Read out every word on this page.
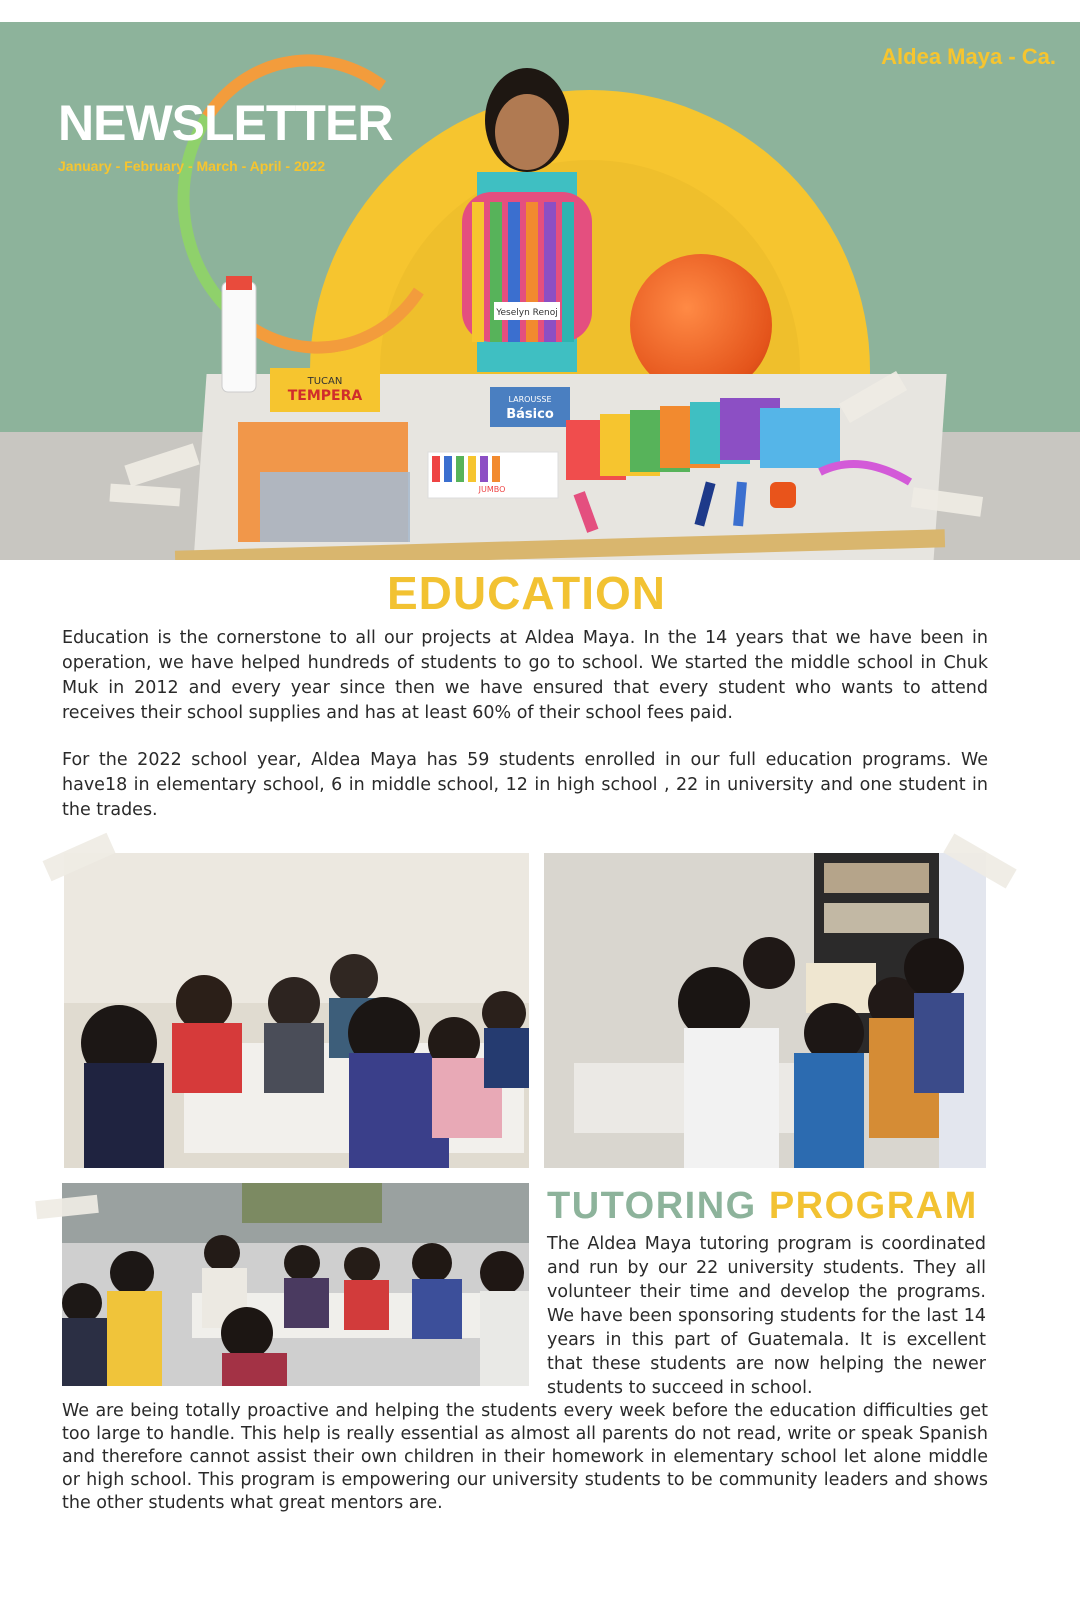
Yeselyn Renoj
TUCAN
TEMPERA	LAROUSSE
Básico
JUMBO
Aldea Maya - Ca.
NEWSLETTER
January - February - March - April - 2022
EDUCATION

Education is the cornerstone to all our projects at Aldea Maya. In the 14 years that we have been in operation, we have helped hundreds of students to go to school. We started the middle school in Chuk Muk in 2012 and every year since then we have ensured that every student who wants to attend receives their school supplies and has at least 60% of their school fees paid.

For the 2022 school year, Aldea Maya has 59 students enrolled in our full education programs. We have18 in elementary school, 6 in middle school, 12 in high school , 22 in university and one student in the trades.

TUTORING PROGRAM

The Aldea Maya tutoring program is coordinated and run by our 22 university students. They all volunteer their time and develop the programs. We have been sponsoring students for the last 14 years in this part of Guatemala. It is excellent that these students are now helping the newer students to succeed in school.

We are being totally proactive and helping the students every week before the education difficulties get too large to handle. This help is really essential as almost all parents do not read, write or speak Spanish and therefore cannot assist their own children in their homework in elementary school let alone middle or high school. This program is empowering our university students to be community leaders and shows the other students what great mentors are.
